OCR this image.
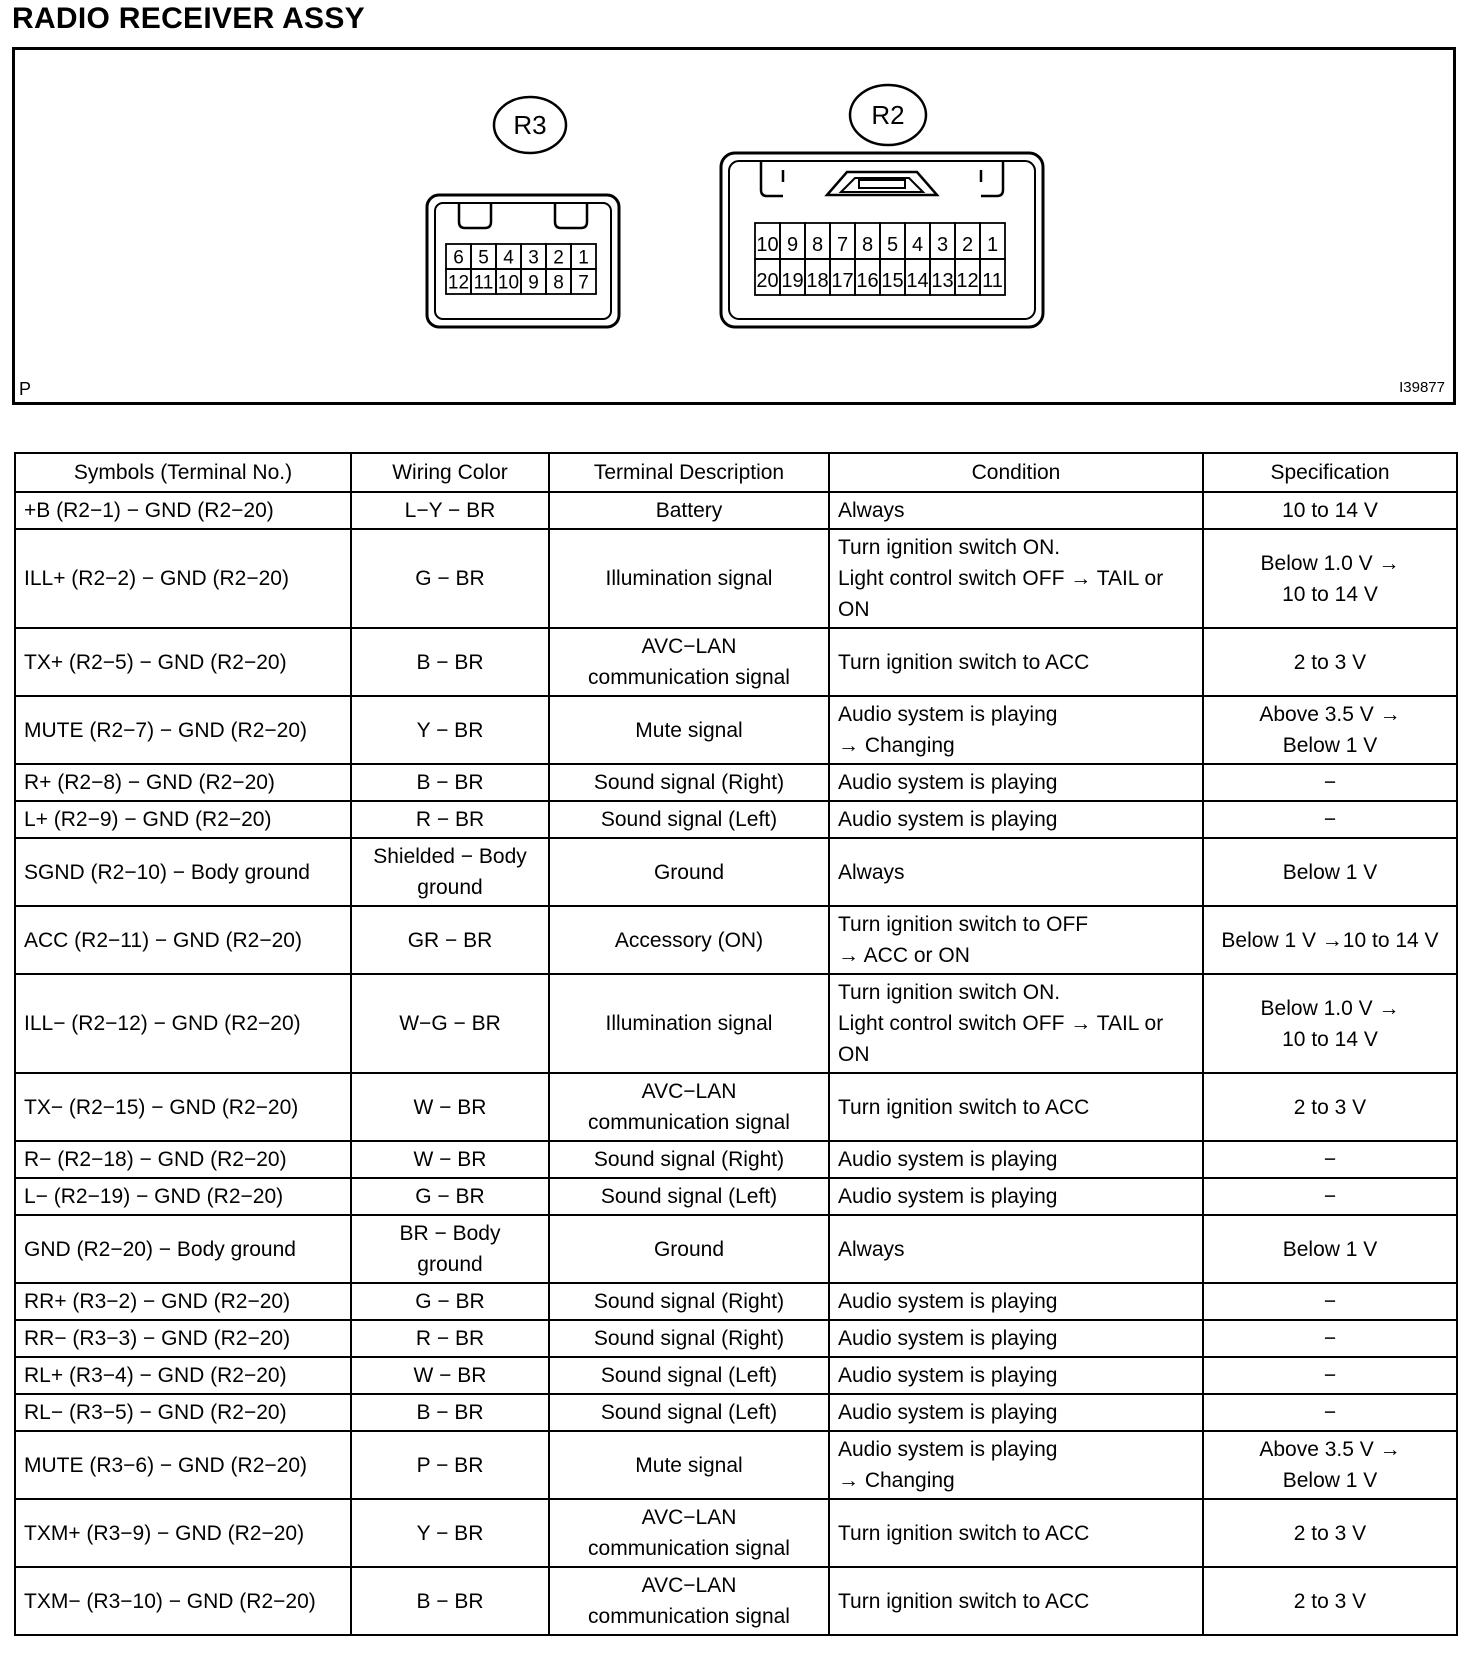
RADIO RECEIVER ASSY
R3
6 5 4 3 2 1
12 11 10 9 8 7
R2
10 9 8 7 8 5 4 3 2 1
20 19 18 17 16 15 14 13 12 11
P	I39877
Symbols (Terminal No.)	Wiring Color	Terminal Description	Condition	Specification
+B (R2−1) − GND (R2−20)	L−Y − BR	Battery	Always	10 to 14 V

ILL+ (R2−2) − GND (R2−20)	G − BR	Illumination signal	Turn ignition switch ON.
Light control switch OFF → TAIL or
ON	Below 1.0 V →
10 to 14 V

TX+ (R2−5) − GND (R2−20)	B − BR	AVC−LAN
communication signal	Turn ignition switch to ACC	2 to 3 V

MUTE (R2−7) − GND (R2−20)	Y − BR	Mute signal	Audio system is playing
→ Changing	Above 3.5 V →
Below 1 V

R+ (R2−8) − GND (R2−20)	B − BR	Sound signal (Right)	Audio system is playing	−

L+ (R2−9) − GND (R2−20)	R − BR	Sound signal (Left)	Audio system is playing	−

SGND (R2−10) − Body ground	Shielded − Body
ground	Ground	Always	Below 1 V

ACC (R2−11) − GND (R2−20)	GR − BR	Accessory (ON)	Turn ignition switch to OFF
→ ACC or ON	Below 1 V →10 to 14 V

ILL− (R2−12) − GND (R2−20)	W−G − BR	Illumination signal	Turn ignition switch ON.
Light control switch OFF → TAIL or
ON	Below 1.0 V →
10 to 14 V

TX− (R2−15) − GND (R2−20)	W − BR	AVC−LAN
communication signal	Turn ignition switch to ACC	2 to 3 V

R− (R2−18) − GND (R2−20)	W − BR	Sound signal (Right)	Audio system is playing	−

L− (R2−19) − GND (R2−20)	G − BR	Sound signal (Left)	Audio system is playing	−

GND (R2−20) − Body ground	BR − Body
ground	Ground	Always	Below 1 V

RR+ (R3−2) − GND (R2−20)	G − BR	Sound signal (Right)	Audio system is playing	−

RR− (R3−3) − GND (R2−20)	R − BR	Sound signal (Right)	Audio system is playing	−

RL+ (R3−4) − GND (R2−20)	W − BR	Sound signal (Left)	Audio system is playing	−

RL− (R3−5) − GND (R2−20)	B − BR	Sound signal (Left)	Audio system is playing	−

MUTE (R3−6) − GND (R2−20)	P − BR	Mute signal	Audio system is playing
→ Changing	Above 3.5 V →
Below 1 V

TXM+ (R3−9) − GND (R2−20)	Y − BR	AVC−LAN
communication signal	Turn ignition switch to ACC	2 to 3 V

TXM− (R3−10) − GND (R2−20)	B − BR	AVC−LAN
communication signal	Turn ignition switch to ACC	2 to 3 V
